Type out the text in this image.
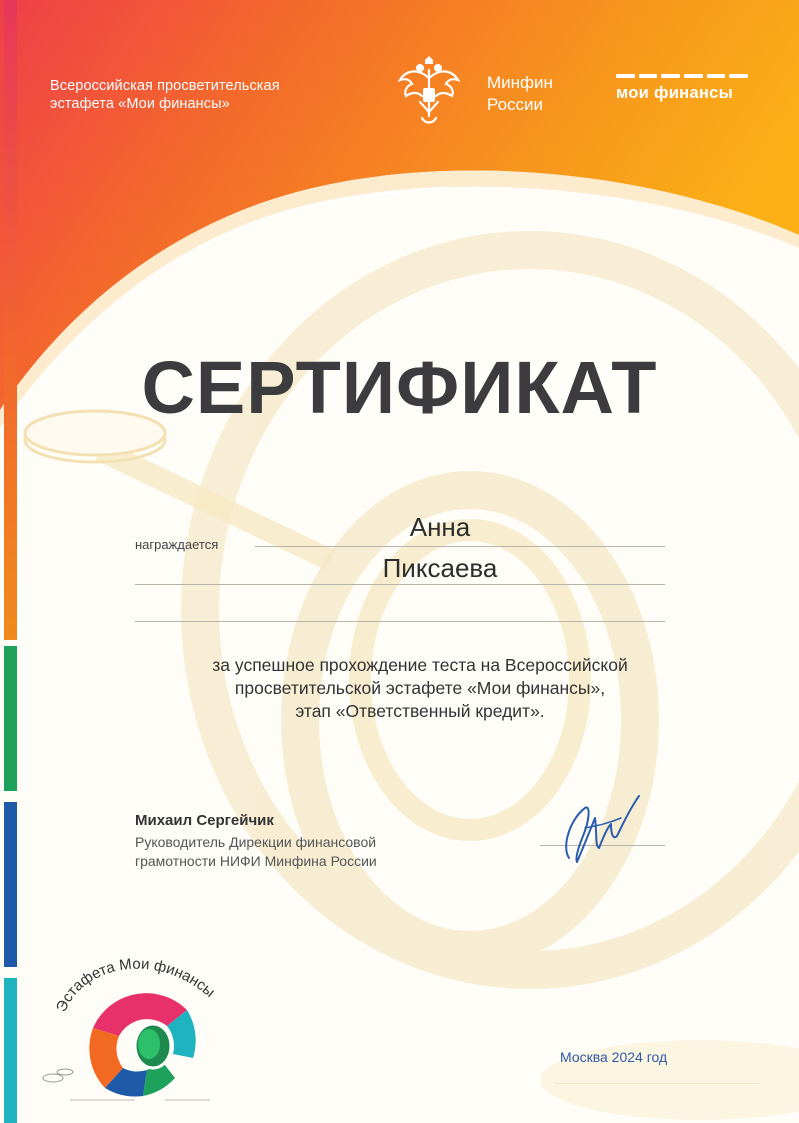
Всероссийская просветительская
эстафета «Мои финансы»
Минфин
России
мои финансы
СЕРТИФИКАТ
награждается
Анна
Пиксаева
за успешное прохождение теста на Всероссийской
просветительской эстафете «Мои финансы»,
этап «Ответственный кредит».
Михаил Сергейчик
Руководитель Дирекции финансовой
грамотности НИФИ Минфина России
Москва 2024 год
Эстафета Мои финансы
